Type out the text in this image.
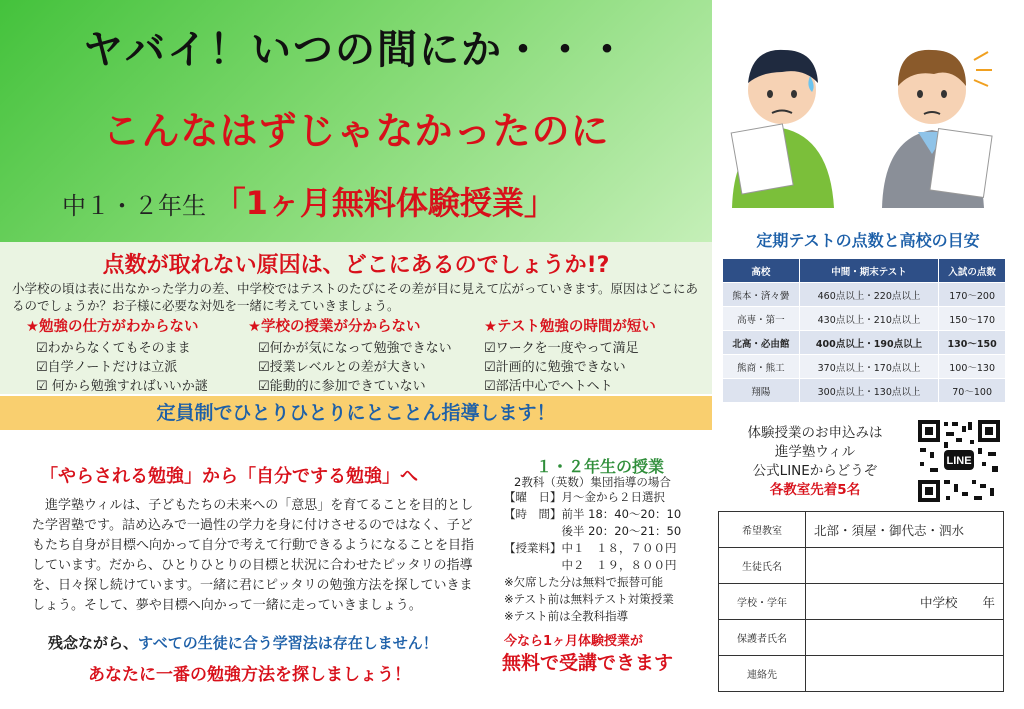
ヤバイ！いつの間にか・・・
こんなはずじゃなかったのに
中１・２年生 「1ヶ月無料体験授業」
点数が取れない原因は、どこにあるのでしょうか!?
小学校の頃は表に出なかった学力の差、中学校ではテストのたびにその差が目に見えて広がっていきます。原因はどこにあるのでしょうか？お子様に必要な対処を一緒に考えていきましょう。
★勉強の仕方がわからない
☑わからなくてもそのまま
☑自学ノートだけは立派
☑ 何から勉強すればいいか謎
★学校の授業が分からない
☑何かが気になって勉強できない
☑授業レベルとの差が大きい
☑能動的に参加できていない
★テスト勉強の時間が短い
☑ワークを一度やって満足
☑計画的に勉強できない
☑部活中心でヘトヘト
定員制でひとりひとりにとことん指導します！
「やらされる勉強」から「自分でする勉強」へ
進学塾ウィルは、子どもたちの未来への「意思」を育てることを目的とした学習塾です。詰め込みで一過性の学力を身に付けさせるのではなく、子どもたち自身が目標へ向かって自分で考えて行動できるようになることを目指しています。だから、ひとりひとりの目標と状況に合わせたピッタリの指導を、日々探し続けています。一緒に君にピッタリの勉強方法を探していきましょう。そして、夢や目標へ向かって一緒に走っていきましょう。
残念ながら、すべての生徒に合う学習法は存在しません！
あなたに一番の勉強方法を探しましょう！
１・２年生の授業
2教科（英数）集団指導の場合
【曜　日】月～金から２日選択
【時　間】前半 18：40～20：10
　　　　　後半 20：20～21：50
【授業料】中１　１８，７００円
　　　　　中２　１９，８００円
※欠席した分は無料で振替可能
※テスト前は無料テスト対策授業
※テスト前は全教科指導
今なら1ヶ月体験授業が
無料で受講できます
定期テストの点数と高校の目安
高校	中間・期末テスト	入試の点数
熊本・済々黌	460点以上・220点以上	170～200
高専・第一	430点以上・210点以上	150～170
北高・必由館	400点以上・190点以上	130～150
熊商・熊工	370点以上・170点以上	100～130
翔陽	300点以上・130点以上	70～100
体験授業のお申込みは
進学塾ウィル
公式LINEからどうぞ
各教室先着5名
LINE
希望教室	北部・須屋・御代志・泗水
生徒氏名	
学校・学年	中学校　　年
保護者氏名	
連絡先	
